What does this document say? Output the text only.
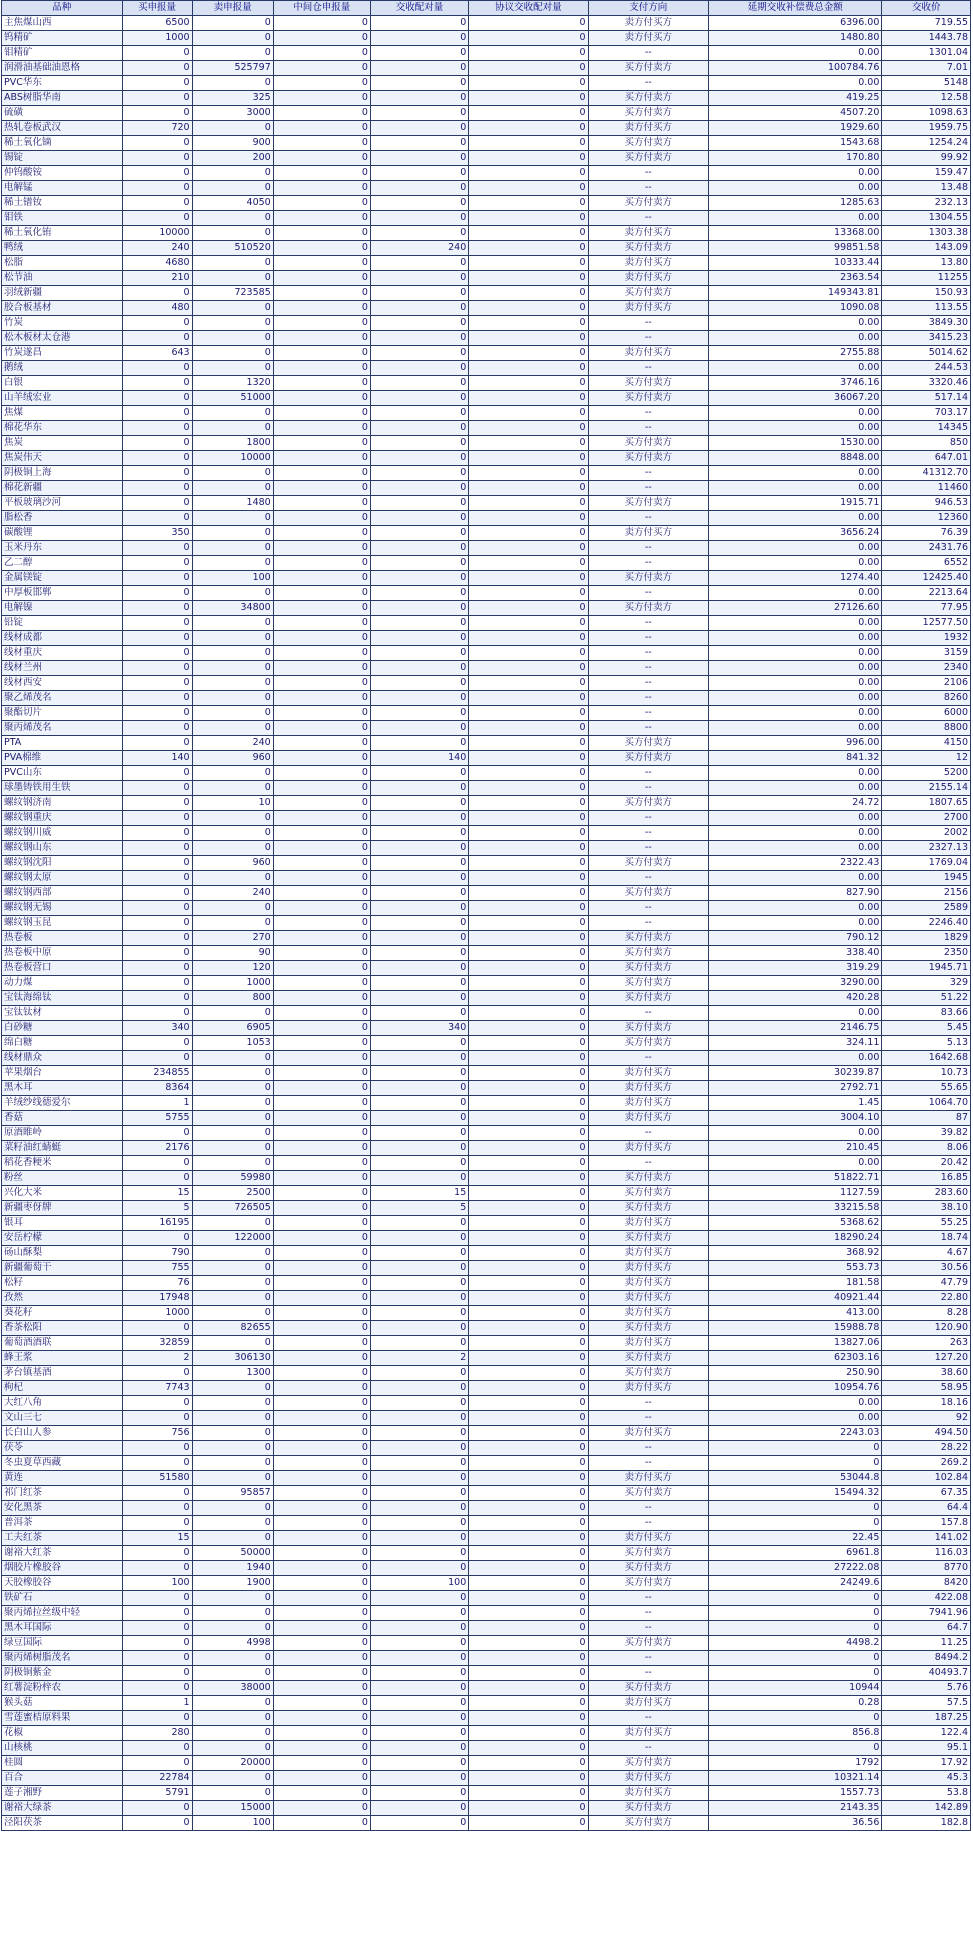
品种	买申报量	卖申报量	中间仓申报量	交收配对量	协议交收配对量	支付方向	延期交收补偿费总金额	交收价
主焦煤山西	6500	0	0	0	0	卖方付买方	6396.00	719.55
钨精矿	1000	0	0	0	0	卖方付买方	1480.80	1443.78
钼精矿	0	0	0	0	0	--	0.00	1301.04
润滑油基础油恩格	0	525797	0	0	0	买方付卖方	100784.76	7.01
PVC华东	0	0	0	0	0	--	0.00	5148
ABS树脂华南	0	325	0	0	0	买方付卖方	419.25	12.58
硫磺	0	3000	0	0	0	买方付卖方	4507.20	1098.63
热轧卷板武汉	720	0	0	0	0	卖方付买方	1929.60	1959.75
稀土氧化镝	0	900	0	0	0	买方付卖方	1543.68	1254.24
锡锭	0	200	0	0	0	买方付卖方	170.80	99.92
仲钨酸铵	0	0	0	0	0	--	0.00	159.47
电解锰	0	0	0	0	0	--	0.00	13.48
稀土镨钕	0	4050	0	0	0	买方付卖方	1285.63	232.13
钼铁	0	0	0	0	0	--	0.00	1304.55
稀土氧化铕	10000	0	0	0	0	卖方付买方	13368.00	1303.38
鸭绒	240	510520	0	240	0	买方付卖方	99851.58	143.09
松脂	4680	0	0	0	0	卖方付买方	10333.44	13.80
松节油	210	0	0	0	0	卖方付买方	2363.54	11255
羽绒新疆	0	723585	0	0	0	买方付卖方	149343.81	150.93
胶合板基材	480	0	0	0	0	卖方付买方	1090.08	113.55
竹炭	0	0	0	0	0	--	0.00	3849.30
松木板材太仓港	0	0	0	0	0	--	0.00	3415.23
竹炭遂昌	643	0	0	0	0	卖方付买方	2755.88	5014.62
鹅绒	0	0	0	0	0	--	0.00	244.53
白银	0	1320	0	0	0	买方付卖方	3746.16	3320.46
山羊绒宏业	0	51000	0	0	0	买方付卖方	36067.20	517.14
焦煤	0	0	0	0	0	--	0.00	703.17
棉花华东	0	0	0	0	0	--	0.00	14345
焦炭	0	1800	0	0	0	买方付卖方	1530.00	850
焦炭伟天	0	10000	0	0	0	买方付卖方	8848.00	647.01
阴极铜上海	0	0	0	0	0	--	0.00	41312.70
棉花新疆	0	0	0	0	0	--	0.00	11460
平板玻璃沙河	0	1480	0	0	0	买方付卖方	1915.71	946.53
脂松香	0	0	0	0	0	--	0.00	12360
碳酸锂	350	0	0	0	0	卖方付买方	3656.24	76.39
玉米丹东	0	0	0	0	0	--	0.00	2431.76
乙二醇	0	0	0	0	0	--	0.00	6552
金属镁锭	0	100	0	0	0	买方付卖方	1274.40	12425.40
中厚板邯郸	0	0	0	0	0	--	0.00	2213.64
电解镍	0	34800	0	0	0	买方付卖方	27126.60	77.95
铅锭	0	0	0	0	0	--	0.00	12577.50
线材成都	0	0	0	0	0	--	0.00	1932
线材重庆	0	0	0	0	0	--	0.00	3159
线材兰州	0	0	0	0	0	--	0.00	2340
线材西安	0	0	0	0	0	--	0.00	2106
聚乙烯茂名	0	0	0	0	0	--	0.00	8260
聚酯切片	0	0	0	0	0	--	0.00	6000
聚丙烯茂名	0	0	0	0	0	--	0.00	8800
PTA	0	240	0	0	0	买方付卖方	996.00	4150
PVA棉维	140	960	0	140	0	买方付卖方	841.32	12
PVC山东	0	0	0	0	0	--	0.00	5200
球墨铸铁用生铁	0	0	0	0	0	--	0.00	2155.14
螺纹钢济南	0	10	0	0	0	买方付卖方	24.72	1807.65
螺纹钢重庆	0	0	0	0	0	--	0.00	2700
螺纹钢川威	0	0	0	0	0	--	0.00	2002
螺纹钢山东	0	0	0	0	0	--	0.00	2327.13
螺纹钢沈阳	0	960	0	0	0	买方付卖方	2322.43	1769.04
螺纹钢太原	0	0	0	0	0	--	0.00	1945
螺纹钢西部	0	240	0	0	0	买方付卖方	827.90	2156
螺纹钢无锡	0	0	0	0	0	--	0.00	2589
螺纹钢玉昆	0	0	0	0	0	--	0.00	2246.40
热卷板	0	270	0	0	0	买方付卖方	790.12	1829
热卷板中原	0	90	0	0	0	买方付卖方	338.40	2350
热卷板营口	0	120	0	0	0	买方付卖方	319.29	1945.71
动力煤	0	1000	0	0	0	买方付卖方	3290.00	329
宝钛海绵钛	0	800	0	0	0	买方付卖方	420.28	51.22
宝钛钛材	0	0	0	0	0	--	0.00	83.66
白砂糖	340	6905	0	340	0	买方付卖方	2146.75	5.45
绵白糖	0	1053	0	0	0	买方付卖方	324.11	5.13
线材鼎众	0	0	0	0	0	--	0.00	1642.68
苹果烟台	234855	0	0	0	0	卖方付买方	30239.87	10.73
黑木耳	8364	0	0	0	0	卖方付买方	2792.71	55.65
羊绒纱线德爱尔	1	0	0	0	0	卖方付买方	1.45	1064.70
香菇	5755	0	0	0	0	卖方付买方	3004.10	87
原酒睢岭	0	0	0	0	0	--	0.00	39.82
菜籽油红蜻蜓	2176	0	0	0	0	卖方付买方	210.45	8.06
稻花香粳米	0	0	0	0	0	--	0.00	20.42
粉丝	0	59980	0	0	0	买方付卖方	51822.71	16.85
兴化大米	15	2500	0	15	0	买方付卖方	1127.59	283.60
新疆枣伢牌	5	726505	0	5	0	买方付卖方	33215.58	38.10
银耳	16195	0	0	0	0	卖方付买方	5368.62	55.25
安岳柠檬	0	122000	0	0	0	买方付卖方	18290.24	18.74
砀山酥梨	790	0	0	0	0	卖方付买方	368.92	4.67
新疆葡萄干	755	0	0	0	0	卖方付买方	553.73	30.56
松籽	76	0	0	0	0	卖方付买方	181.58	47.79
孜然	17948	0	0	0	0	卖方付买方	40921.44	22.80
葵花籽	1000	0	0	0	0	卖方付买方	413.00	8.28
香茶松阳	0	82655	0	0	0	买方付卖方	15988.78	120.90
葡萄酒酒联	32859	0	0	0	0	卖方付买方	13827.06	263
蜂王浆	2	306130	0	2	0	买方付卖方	62303.16	127.20
茅台镇基酒	0	1300	0	0	0	买方付卖方	250.90	38.60
枸杞	7743	0	0	0	0	卖方付买方	10954.76	58.95
大红八角	0	0	0	0	0	--	0.00	18.16
文山三七	0	0	0	0	0	--	0.00	92
长白山人参	756	0	0	0	0	卖方付买方	2243.03	494.50
茯苓	0	0	0	0	0	--	0	28.22
冬虫夏草西藏	0	0	0	0	0	--	0	269.2
黄连	51580	0	0	0	0	卖方付买方	53044.8	102.84
祁门红茶	0	95857	0	0	0	买方付卖方	15494.32	67.35
安化黑茶	0	0	0	0	0	--	0	64.4
普洱茶	0	0	0	0	0	--	0	157.8
工夫红茶	15	0	0	0	0	卖方付买方	22.45	141.02
谢裕大红茶	0	50000	0	0	0	买方付卖方	6961.8	116.03
烟胶片橡胶谷	0	1940	0	0	0	买方付卖方	27222.08	8770
天胶橡胶谷	100	1900	0	100	0	买方付卖方	24249.6	8420
铁矿石	0	0	0	0	0	--	0	422.08
聚丙烯拉丝级中轻	0	0	0	0	0	--	0	7941.96
黑木耳国际	0	0	0	0	0	--	0	64.7
绿豆国际	0	4998	0	0	0	买方付卖方	4498.2	11.25
聚丙烯树脂茂名	0	0	0	0	0	--	0	8494.2
阴极铜紫金	0	0	0	0	0	--	0	40493.7
红薯淀粉梓农	0	38000	0	0	0	买方付卖方	10944	5.76
猴头菇	1	0	0	0	0	卖方付买方	0.28	57.5
雪莲蜜桔原料果	0	0	0	0	0	--	0	187.25
花椒	280	0	0	0	0	卖方付买方	856.8	122.4
山核桃	0	0	0	0	0	--	0	95.1
桂圆	0	20000	0	0	0	买方付卖方	1792	17.92
百合	22784	0	0	0	0	卖方付买方	10321.14	45.3
莲子湘野	5791	0	0	0	0	卖方付买方	1557.73	53.8
谢裕大绿茶	0	15000	0	0	0	买方付卖方	2143.35	142.89
泾阳茯茶	0	100	0	0	0	买方付卖方	36.56	182.8
